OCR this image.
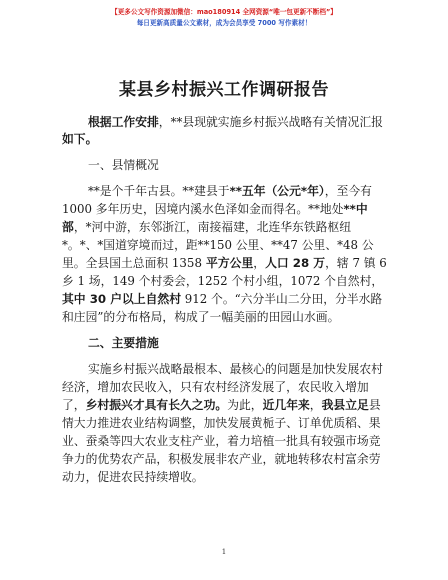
【更多公文写作资源加微信：mao180914 全网资源“唯一包更新不断档”】
每日更新高质量公文素材，成为会员享受 7000 写作素材！
某县乡村振兴工作调研报告
根据工作安排，**县现就实施乡村振兴战略有关情况汇报
如下。
一、县情概况
**是个千年古县。**建县于**五年（公元*年），至今有
1000 多年历史，因境内溪水色泽如金而得名。**地处**中
部，*河中游，东邻浙江，南接福建，北连华东铁路枢纽
*。*、*国道穿境而过，距**150 公里、**47 公里、*48 公
里。全县国土总面积 1358 平方公里，人口 28 万，辖 7 镇 6
乡 1 场，149 个村委会，1252 个村小组，1072 个自然村，
其中 30 户以上自然村 912 个。“六分半山二分田，分半水路
和庄园”的分布格局，构成了一幅美丽的田园山水画。
二、主要措施
实施乡村振兴战略最根本、最核心的问题是加快发展农村
经济，增加农民收入，只有农村经济发展了，农民收入增加
了，乡村振兴才具有长久之功。为此，近几年来，我县立足县
情大力推进农业结构调整，加快发展黄栀子、订单优质稻、果
业、蚕桑等四大农业支柱产业，着力培植一批具有较强市场竞
争力的优势农产品，积极发展非农产业，就地转移农村富余劳
动力，促进农民持续增收。
1
